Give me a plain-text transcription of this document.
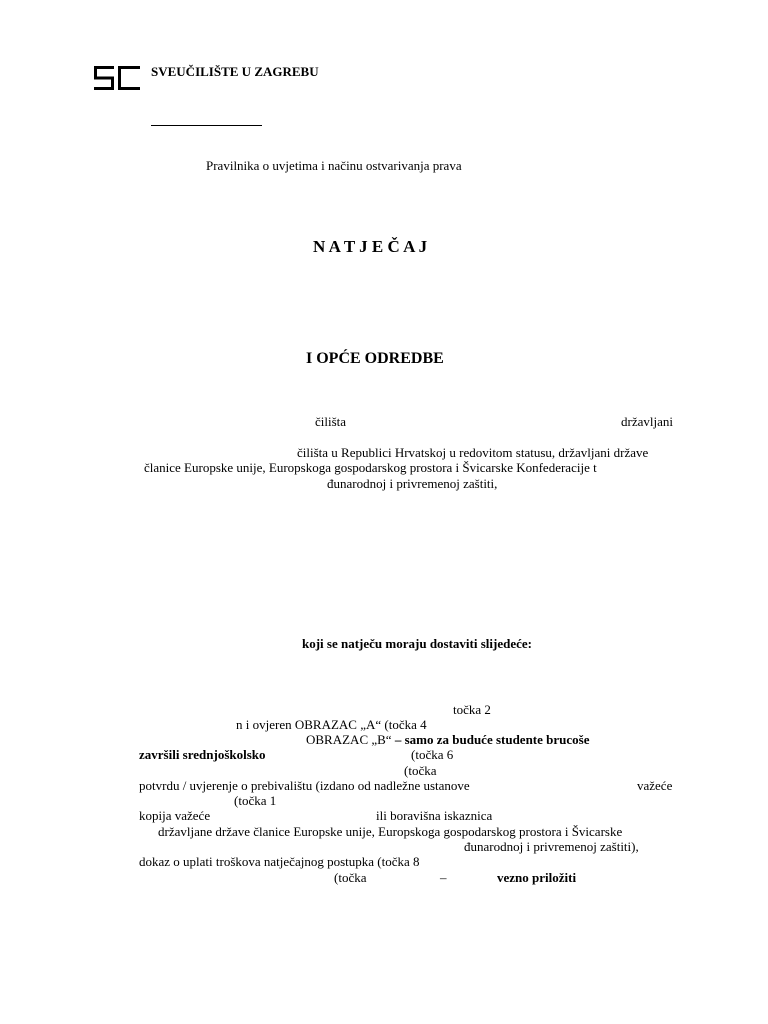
SVEUČILIŠTE U ZAGREBU
Pravilnika o uvjetima i načinu ostvarivanja prava
N A T J E Č A J
I OPĆE ODREDBE
čilišta	državljani
čilišta u Republici Hrvatskoj u redovitom statusu, državljani države
članice Europske unije, Europskoga gospodarskog prostora i Švicarske Konfederacije t
đunarodnoj i privremenoj zaštiti,
koji se natječu moraju dostaviti slijedeće:
točka 2
n i ovjeren OBRAZAC „A“ (točka 4
OBRAZAC „B“ – samo za buduće studente brucoše
završili srednjoškolsko	(točka 6
(točka
potvrdu / uvjerenje o prebivalištu (izdano od nadležne ustanove	važeće
(točka 1
kopija važeće	ili boravišna iskaznica
državljane države članice Europske unije, Europskoga gospodarskog prostora i Švicarske
đunarodnoj i privremenoj zaštiti),
dokaz o uplati troškova natječajnog postupka (točka 8
(točka	–	vezno priložiti
